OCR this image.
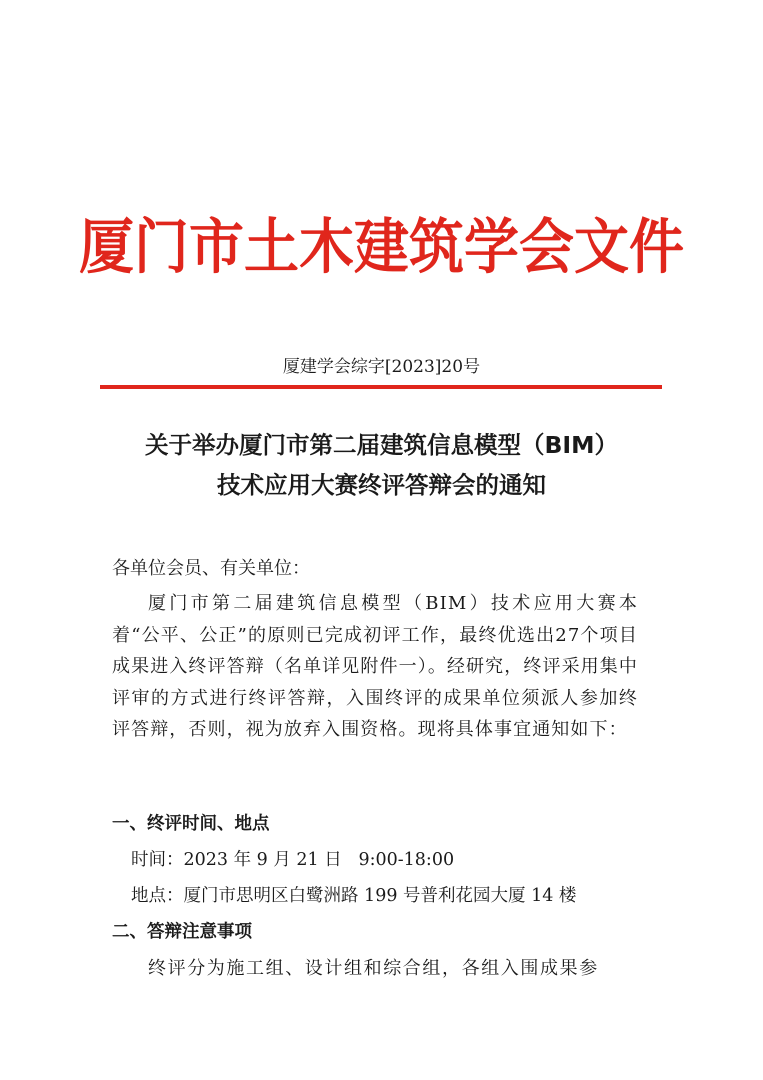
厦门市土木建筑学会文件
厦建学会综字[2023]20号
关于举办厦门市第二届建筑信息模型（BIM）
技术应用大赛终评答辩会的通知
各单位会员、有关单位：
厦门市第二届建筑信息模型（BIM）技术应用大赛本着“公平、公正”的原则已完成初评工作，最终优选出27个项目成果进入终评答辩（名单详见附件一）。经研究，终评采用集中评审的方式进行终评答辩，入围终评的成果单位须派人参加终评答辩，否则，视为放弃入围资格。现将具体事宜通知如下：
一、终评时间、地点
时间：2023 年 9 月 21 日   9:00-18:00
地点：厦门市思明区白鹭洲路 199 号普利花园大厦 14 楼
二、答辩注意事项
终评分为施工组、设计组和综合组，各组入围成果参
